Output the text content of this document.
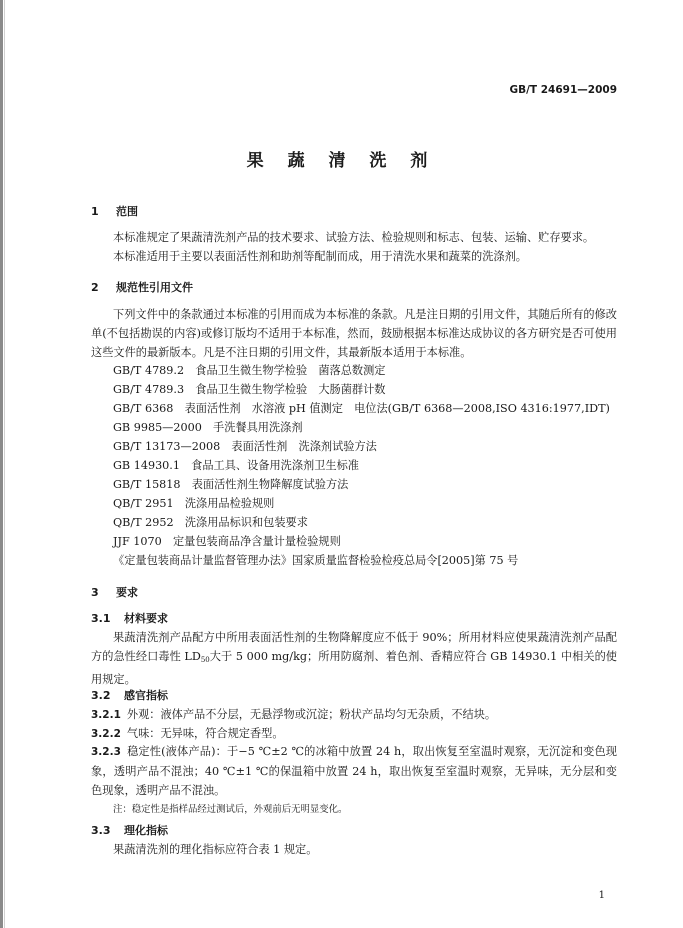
GB/T 24691—2009
果 蔬 清 洗 剂
1 范围
本标准规定了果蔬清洗剂产品的技术要求、试验方法、检验规则和标志、包装、运输、贮存要求。
本标准适用于主要以表面活性剂和助剂等配制而成，用于清洗水果和蔬菜的洗涤剂。
2 规范性引用文件
下列文件中的条款通过本标准的引用而成为本标准的条款。凡是注日期的引用文件，其随后所有的修改单(不包括勘误的内容)或修订版均不适用于本标准，然而，鼓励根据本标准达成协议的各方研究是否可使用这些文件的最新版本。凡是不注日期的引用文件，其最新版本适用于本标准。
GB/T 4789.2　食品卫生微生物学检验　菌落总数测定
GB/T 4789.3　食品卫生微生物学检验　大肠菌群计数
GB/T 6368　表面活性剂　水溶液 pH 值测定　电位法(GB/T 6368—2008,ISO 4316:1977,IDT)
GB 9985—2000　手洗餐具用洗涤剂
GB/T 13173—2008　表面活性剂　洗涤剂试验方法
GB 14930.1　食品工具、设备用洗涤剂卫生标准
GB/T 15818　表面活性剂生物降解度试验方法
QB/T 2951　洗涤用品检验规则
QB/T 2952　洗涤用品标识和包装要求
JJF 1070　定量包装商品净含量计量检验规则
《定量包装商品计量监督管理办法》国家质量监督检验检疫总局令[2005]第 75 号
3 要求
3.1 材料要求
果蔬清洗剂产品配方中所用表面活性剂的生物降解度应不低于 90%；所用材料应使果蔬清洗剂产品配方的急性经口毒性 $LD_{50}$大于 5 000 mg/kg；所用防腐剂、着色剂、香精应符合 GB 14930.1 中相关的使用规定。
3.2 感官指标
3.2.1 外观：液体产品不分层，无悬浮物或沉淀；粉状产品均匀无杂质，不结块。
3.2.2 气味：无异味，符合规定香型。
3.2.3 稳定性(液体产品)：于−5 ℃±2 ℃的冰箱中放置 24 h，取出恢复至室温时观察，无沉淀和变色现象，透明产品不混浊；40 ℃±1 ℃的保温箱中放置 24 h，取出恢复至室温时观察，无异味，无分层和变色现象，透明产品不混浊。
注：稳定性是指样品经过测试后，外观前后无明显变化。
3.3 理化指标
果蔬清洗剂的理化指标应符合表 1 规定。
1
